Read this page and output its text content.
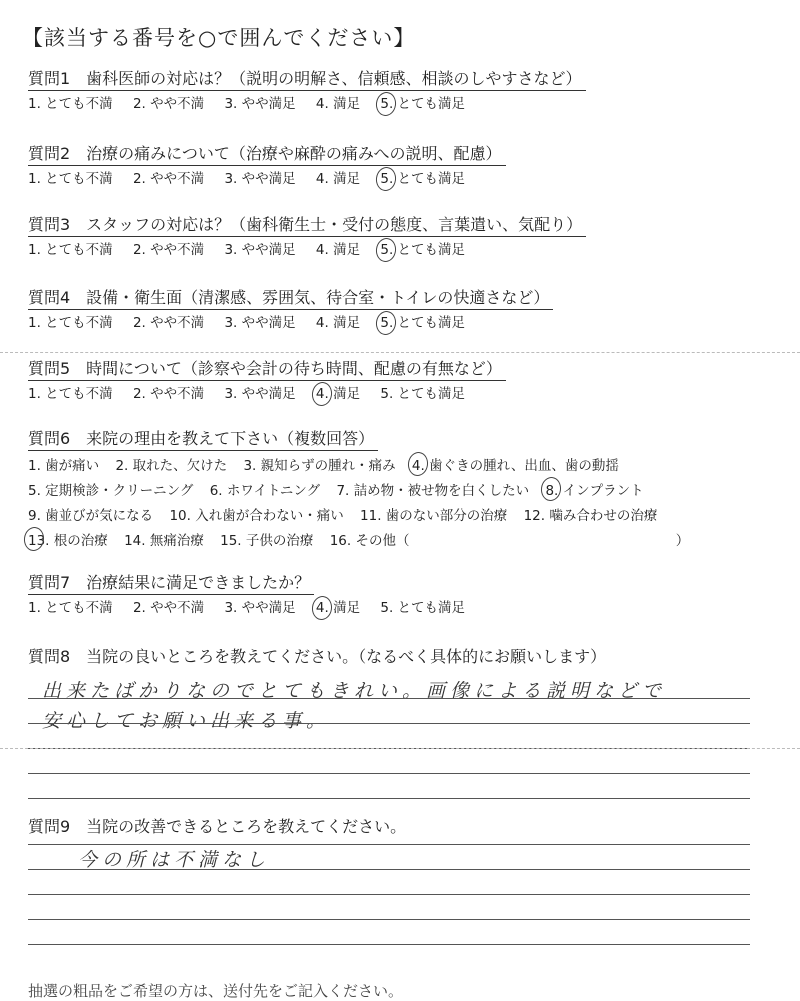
【該当する番号を○で囲んでください】
質問1　歯科医師の対応は？（説明の明解さ、信頼感、相談のしやすさなど）
1. とても不満 2. やや不満 3. やや満足 4. 満足 5. とても満足
質問2　治療の痛みについて（治療や麻酔の痛みへの説明、配慮）
1. とても不満 2. やや不満 3. やや満足 4. 満足 5. とても満足
質問3　スタッフの対応は？（歯科衛生士・受付の態度、言葉遣い、気配り）
1. とても不満 2. やや不満 3. やや満足 4. 満足 5. とても満足
質問4　設備・衛生面（清潔感、雰囲気、待合室・トイレの快適さなど）
1. とても不満 2. やや不満 3. やや満足 4. 満足 5. とても満足
質問5　時間について（診察や会計の待ち時間、配慮の有無など）
1. とても不満 2. やや不満 3. やや満足 4. 満足 5. とても満足
質問6　来院の理由を教えて下さい（複数回答）
1. 歯が痛い 2. 取れた、欠けた 3. 親知らずの腫れ・痛み 4. 歯ぐきの腫れ、出血、歯の動揺
5. 定期検診・クリーニング 6. ホワイトニング 7. 詰め物・被せ物を白くしたい 8. インプラント
9. 歯並びが気になる 10. 入れ歯が合わない・痛い 11. 歯のない部分の治療 12. 噛み合わせの治療
13. 根の治療 14. 無痛治療 15. 子供の治療 16. その他（	）
質問7　治療結果に満足できましたか？
1. とても不満 2. やや不満 3. やや満足 4. 満足 5. とても満足
質問8　当院の良いところを教えてください。（なるべく具体的にお願いします）
出来たばかりなのでとてもきれい。画像による説明などで
安心してお願い出来る事。
質問9　当院の改善できるところを教えてください。
今の所は不満なし
抽選の粗品をご希望の方は、送付先をご記入ください。
